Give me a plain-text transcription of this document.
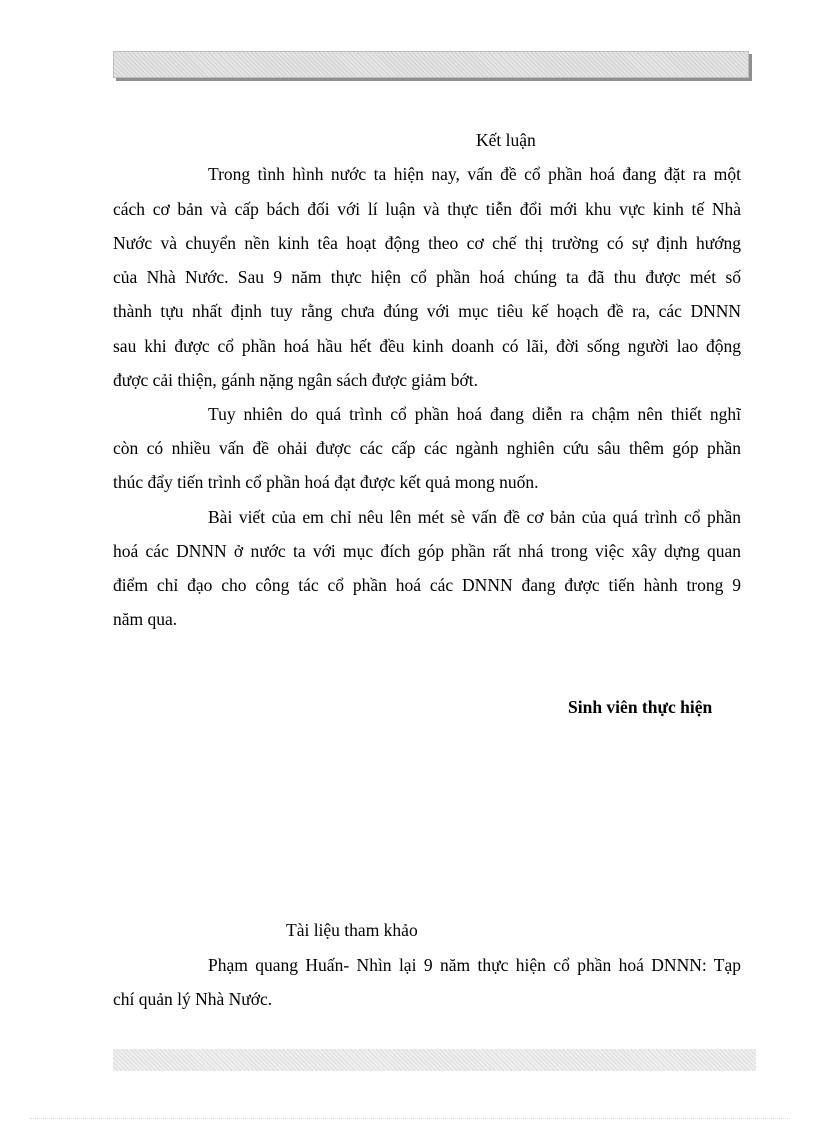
Kết luận
Trong tình hình nước ta hiện nay, vấn đề cổ phần hoá đang đặt ra một
cách cơ bản và cấp bách đối với lí luận và thực tiễn đổi mới khu vực kinh tế Nhà
Nước và chuyển nền kinh têa hoạt động theo cơ chế thị trường có sự định hướng
của Nhà Nước. Sau 9 năm thực hiện cổ phần hoá chúng ta đã thu được mét số
thành tựu nhất định tuy rằng chưa đúng với mục tiêu kế hoạch đề ra, các DNNN
sau khi được cổ phần hoá hầu hết đều kinh doanh có lãi, đời sống người lao động
được cải thiện, gánh nặng ngân sách được giảm bớt.
Tuy nhiên do quá trình cổ phần hoá đang diễn ra chậm nên thiết nghĩ
còn có nhiều vấn đề ohải được các cấp các ngành nghiên cứu sâu thêm góp phần
thúc đẩy tiến trình cổ phần hoá đạt được kết quả mong nuốn.
Bài viết của em chỉ nêu lên mét sè vấn đề cơ bản của quá trình cổ phần
hoá các DNNN ở nước ta với mục đích góp phần rất nhá trong việc xây dựng quan
điểm chỉ đạo cho công tác cổ phần hoá các DNNN đang được tiến hành trong 9
năm qua.
Sinh viên thực hiện
Tài liệu tham khảo
Phạm quang Huấn- Nhìn lại 9 năm thực hiện cổ phần hoá DNNN: Tạp
chí quản lý Nhà Nước.
